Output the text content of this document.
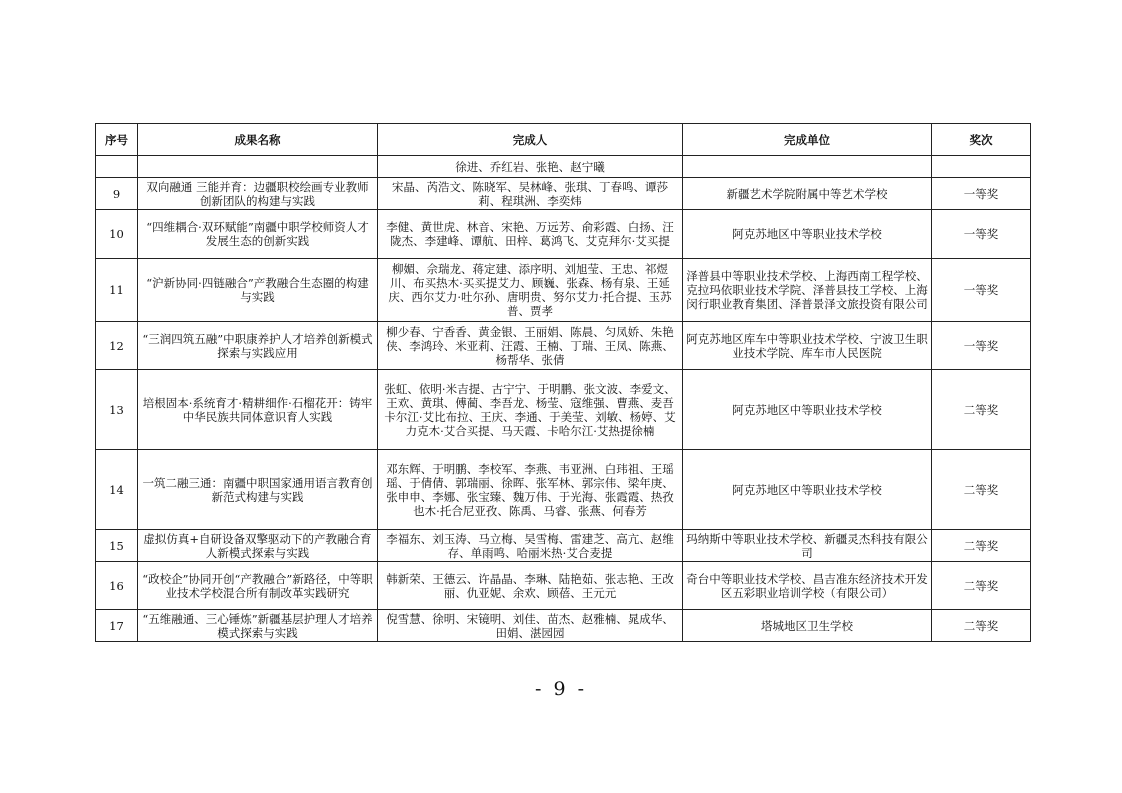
序号	成果名称	完成人	完成单位	奖次
		徐进、乔红岩、张艳、赵宁曦		
9	双向融通 三能并育：边疆职校绘画专业教师创新团队的构建与实践	宋晶、芮浩文、陈晓军、吴林峰、张琪、丁春鸣、谭莎莉、程琪洲、李奕炜	新疆艺术学院附属中等艺术学校	一等奖
10	“四维耦合·双环赋能”南疆中职学校师资人才发展生态的创新实践	李健、黄世虎、林音、宋艳、万远芳、俞彩霞、白扬、汪陇杰、李建峰、谭航、田梓、葛鸿飞、艾克拜尔·艾买提	阿克苏地区中等职业技术学校	一等奖
11	“沪新协同·四链融合”产教融合生态圈的构建与实践	柳媚、佘瑞龙、蒋定建、添序明、刘旭莹、王忠、祁煜川、布买热木·买买提艾力、顾巍、张森、杨有泉、王延庆、西尔艾力·吐尔孙、唐明贵、努尔艾力·托合提、玉苏普、贾孝	泽普县中等职业技术学校、上海西南工程学校、克拉玛依职业技术学院、泽普县技工学校、上海闵行职业教育集团、泽普景泽文旅投资有限公司	一等奖
12	“三润四筑五融”中职康养护人才培养创新模式探索与实践应用	柳少春、宁香香、黄金银、王丽娟、陈晨、匀凤娇、朱艳侠、李鸿玲、米亚莉、汪霞、王楠、丁瑞、王凤、陈燕、杨帮华、张倩	阿克苏地区库车中等职业技术学校、宁波卫生职业技术学院、库车市人民医院	一等奖
13	培根固本·系统育才·精耕细作·石榴花开：铸牢中华民族共同体意识育人实践	张虹、依明·米吉提、古宁宁、于明鹏、张文波、李爱文、王欢、黄琪、傅蔺、李吾龙、杨莹、寇维强、曹燕、麦吾卡尔江·艾比布拉、王庆、李通、于美莹、刘敏、杨婷、艾力克木·艾合买提、马天霞、卡哈尔江·艾热提徐楠	阿克苏地区中等职业技术学校	二等奖
14	一筑二融三通：南疆中职国家通用语言教育创新范式构建与实践	邓东辉、于明鹏、李校军、李燕、韦亚洲、白玮祖、王瑶瑶、于倩倩、郭瑞丽、徐晖、张军林、郭宗伟、梁年庚、张申申、李娜、张宝臻、魏万伟、于光海、张霞霞、热孜也木·托合尼亚孜、陈禹、马睿、张燕、何春芳	阿克苏地区中等职业技术学校	二等奖
15	虚拟仿真+自研设备双擎驱动下的产教融合育人新模式探索与实践	李福东、刘玉涛、马立梅、吴雪梅、雷建芝、高亢、赵维存、单雨鸣、哈丽米热·艾合麦提	玛纳斯中等职业技术学校、新疆灵杰科技有限公司	二等奖
16	“政校企”协同开创“产教融合”新路径，中等职业技术学校混合所有制改革实践研究	韩新荣、王德云、许晶晶、李琳、陆艳茹、张志艳、王改丽、仇亚妮、余欢、顾蓓、王元元	奇台中等职业技术学校、昌吉准东经济技术开发区五彩职业培训学校（有限公司）	二等奖
17	“五维融通、三心锤炼”新疆基层护理人才培养模式探索与实践	倪雪慧、徐明、宋镜明、刘佳、苗杰、赵雅楠、晁成华、田娟、湛园园	塔城地区卫生学校	二等奖
- 9 -
